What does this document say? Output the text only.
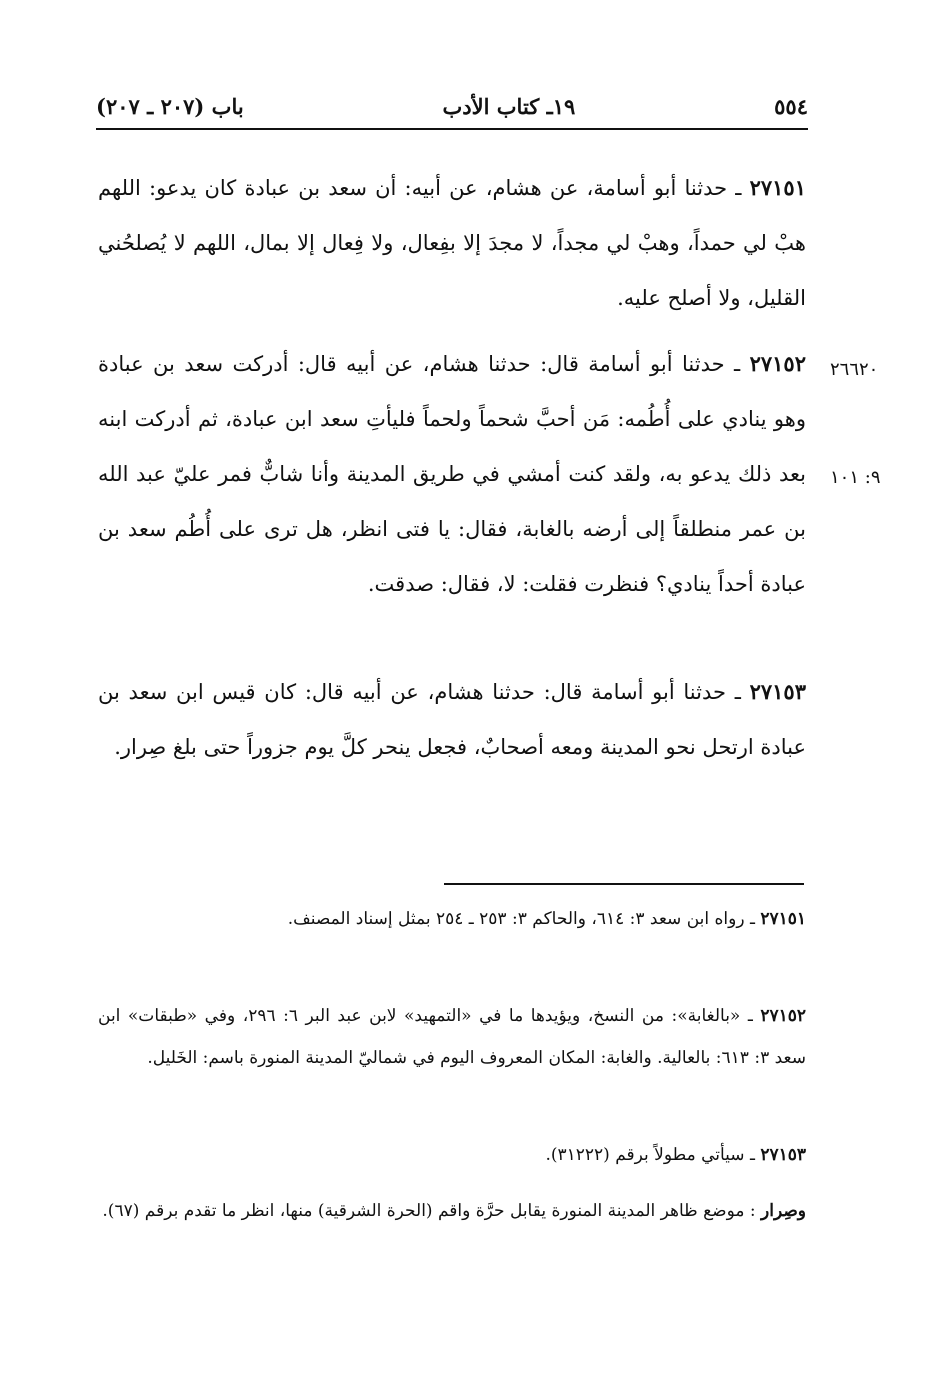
٥٥٤
١٩ـ كتاب الأدب
باب (٢٠٧ ـ ٢٠٧)

٢٧١٥١ ـ حدثنا أبو أسامة، عن هشام، عن أبيه: أن سعد بن عبادة كان يدعو: اللهم هبْ لي حمداً، وهبْ لي مجداً، لا مجدَ إلا بفِعال، ولا فِعال إلا بمال، اللهم لا يُصلحُني القليل، ولا أصلح عليه.

٢٧١٥٢ ـ حدثنا أبو أسامة قال: حدثنا هشام، عن أبيه قال: أدركت سعد بن عبادة وهو ينادي على أُطُمه: مَن أحبَّ شحماً ولحماً فليأتِ سعد ابن عبادة، ثم أدركت ابنه بعد ذلك يدعو به، ولقد كنت أمشي في طريق المدينة وأنا شابٌّ فمر عليّ عبد الله بن عمر منطلقاً إلى أرضه بالغابة، فقال: يا فتى انظر، هل ترى على أُطُم سعد بن عبادة أحداً ينادي؟ فنظرت فقلت: لا، فقال: صدقت.

٢٦٦٢٠
٩: ١٠١

٢٧١٥٣ ـ حدثنا أبو أسامة قال: حدثنا هشام، عن أبيه قال: كان قيس ابن سعد بن عبادة ارتحل نحو المدينة ومعه أصحابٌ، فجعل ينحر كلَّ يوم جزوراً حتى بلغ صِرار.

٢٧١٥١ ـ رواه ابن سعد ٣: ٦١٤، والحاكم ٣: ٢٥٣ ـ ٢٥٤ بمثل إسناد المصنف.

٢٧١٥٢ ـ «بالغابة»: من النسخ، ويؤيدها ما في «التمهيد» لابن عبد البر ٦: ٢٩٦، وفي «طبقات» ابن سعد ٣: ٦١٣: بالعالية. والغابة: المكان المعروف اليوم في شماليّ المدينة المنورة باسم: الخَليل.

٢٧١٥٣ ـ سيأتي مطولاً برقم (٣١٢٢٢).

وصِرار : موضع ظاهر المدينة المنورة يقابل حرَّة واقم (الحرة الشرقية) منها، انظر ما تقدم برقم (٦٧).
